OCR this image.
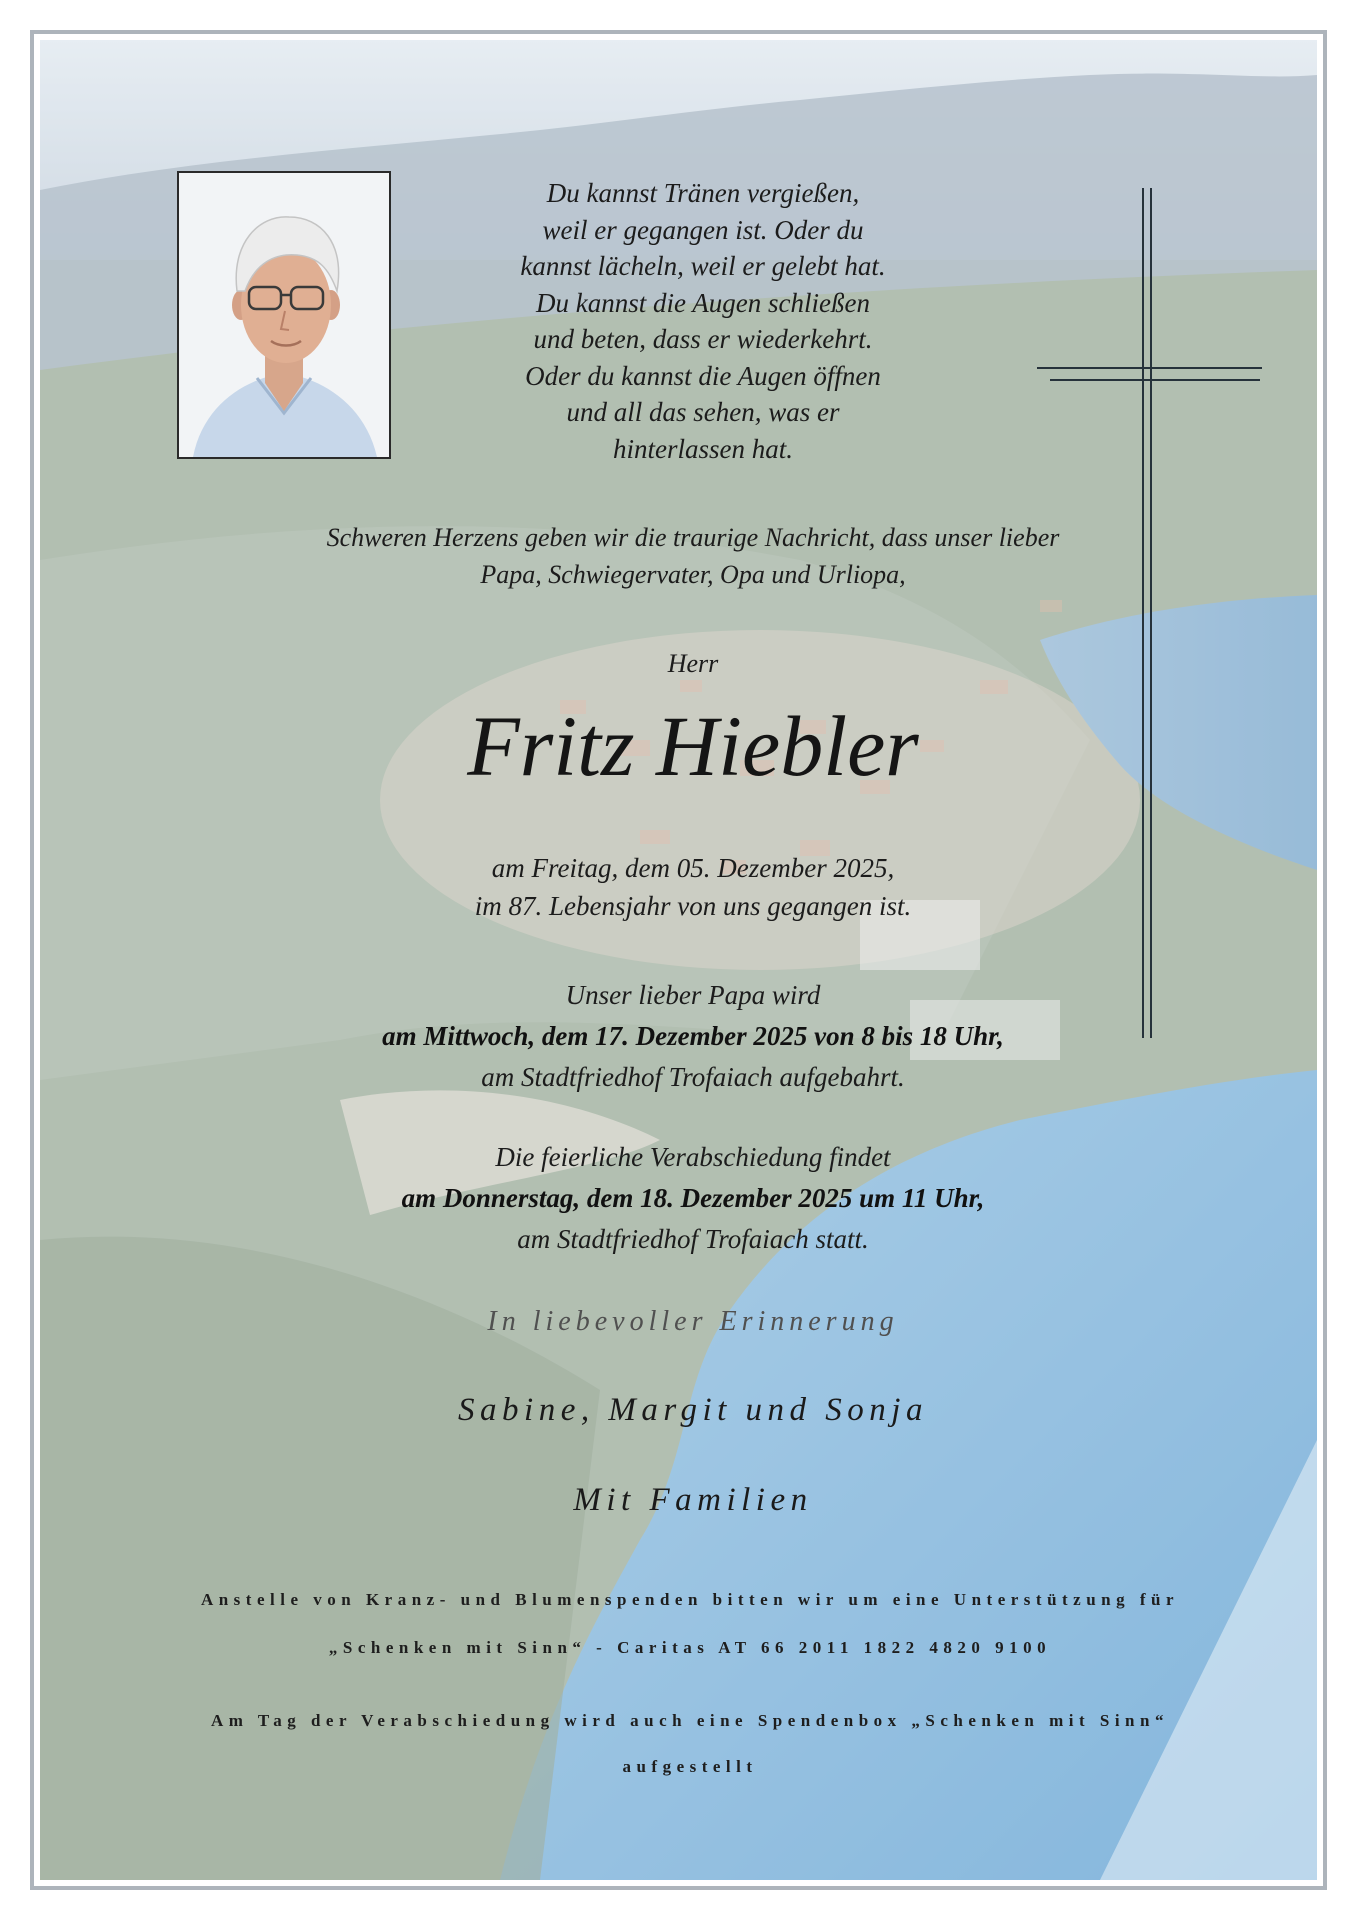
Du kannst Tränen vergießen,
weil er gegangen ist. Oder du
kannst lächeln, weil er gelebt hat.
Du kannst die Augen schließen
und beten, dass er wiederkehrt.
Oder du kannst die Augen öffnen
und all das sehen, was er
hinterlassen hat.
Schweren Herzens geben wir die traurige Nachricht, dass unser lieber
Papa, Schwiegervater, Opa und Urliopa,
Herr
Fritz Hiebler
am Freitag, dem 05. Dezember 2025,
im 87. Lebensjahr von uns gegangen ist.
Unser lieber Papa wird
am Mittwoch, dem 17. Dezember 2025 von 8 bis 18 Uhr,
am Stadtfriedhof Trofaiach aufgebahrt.
Die feierliche Verabschiedung findet
am Donnerstag, dem 18. Dezember 2025 um 11 Uhr,
am Stadtfriedhof Trofaiach statt.
In liebevoller Erinnerung
Sabine, Margit und Sonja
Mit Familien
Anstelle von Kranz- und Blumenspenden bitten wir um eine Unterstützung für
„Schenken mit Sinn“ - Caritas AT 66 2011 1822 4820 9100
Am Tag der Verabschiedung wird auch eine Spendenbox „Schenken mit Sinn“
aufgestellt
